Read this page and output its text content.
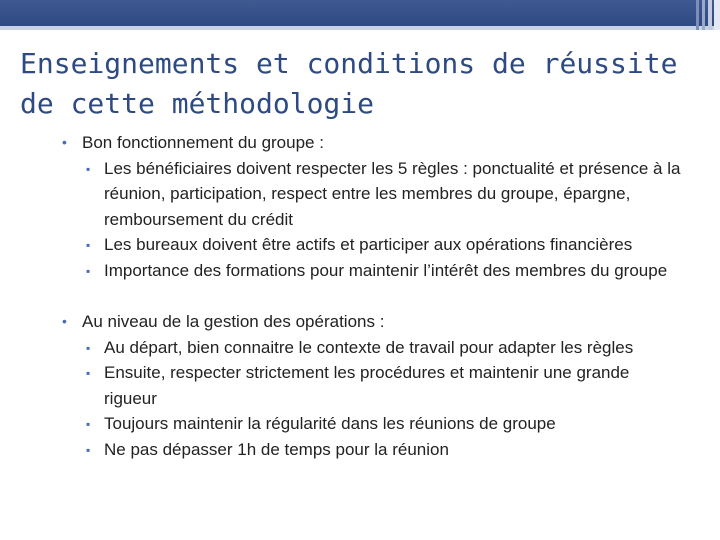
Enseignements et conditions de réussite
de cette méthodologie
• Bon fonctionnement du groupe :
▪ Les bénéficiaires doivent respecter les 5 règles : ponctualité et présence à la réunion, participation, respect entre les membres du groupe, épargne, remboursement du crédit
▪ Les bureaux doivent être actifs et participer aux opérations financières
▪ Importance des formations pour maintenir l’intérêt des membres du groupe
• Au niveau de la gestion des opérations :
▪ Au départ, bien connaitre le contexte de travail pour adapter les règles
▪ Ensuite, respecter strictement les procédures et maintenir une grande rigueur
▪ Toujours maintenir la régularité dans les réunions de groupe
▪ Ne pas dépasser 1h de temps pour la réunion
